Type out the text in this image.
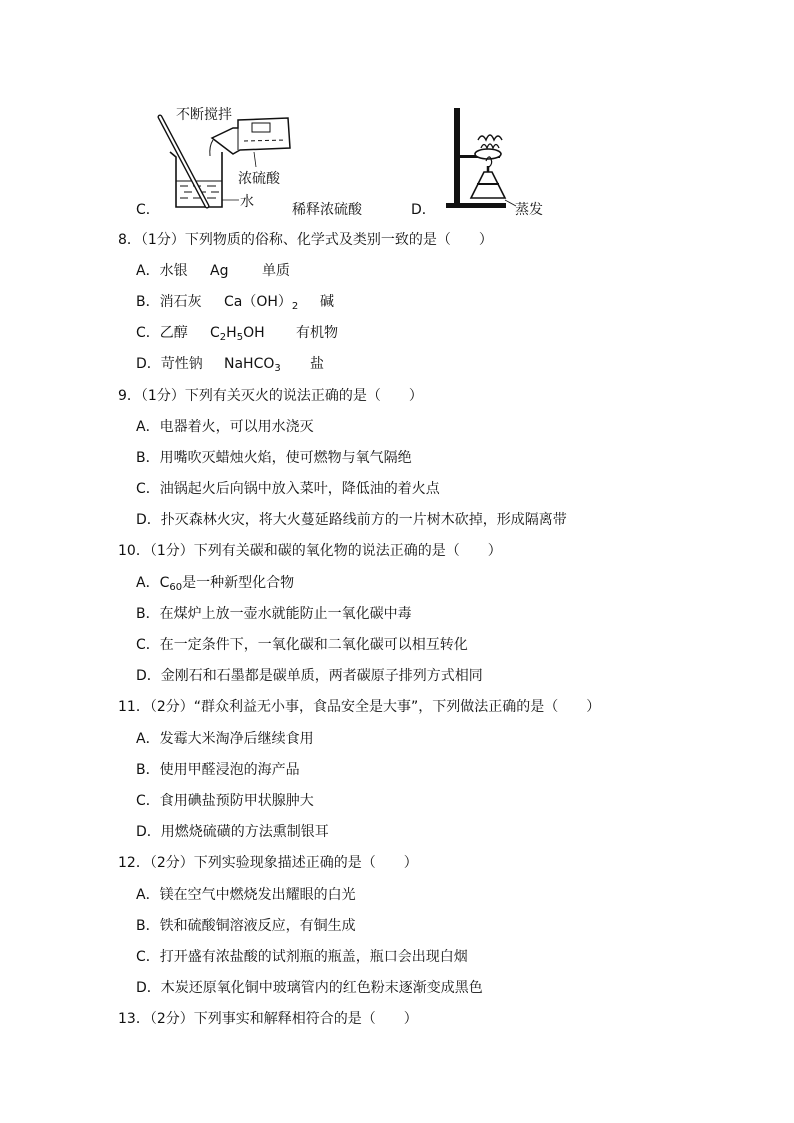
不断搅拌
浓硫酸
水
C．	稀释浓硫酸	D．	蒸发
8．（1分）下列物质的俗称、化学式及类别一致的是（　　）
A．水银 Ag 单质
B．消石灰 $Ca(OH)_2$ 碱
C．乙醇 $C_2H_5OH$ 有机物
D．苛性钠 NaHCO$_3$ 盐
9．（1分）下列有关灭火的说法正确的是（　　）
A．电器着火，可以用水浇灭
B．用嘴吹灭蜡烛火焰，使可燃物与氧气隔绝
C．油锅起火后向锅中放入菜叶，降低油的着火点
D．扑灭森林火灾，将大火蔓延路线前方的一片树木砍掉，形成隔离带
10．（1分）下列有关碳和碳的氧化物的说法正确的是（　　）
A．$C_{60}$是一种新型化合物
B．在煤炉上放一壶水就能防止一氧化碳中毒
C．在一定条件下，一氧化碳和二氧化碳可以相互转化
D．金刚石和石墨都是碳单质，两者碳原子排列方式相同
11．（2分）“群众利益无小事，食品安全是大事”，下列做法正确的是（　　）
A．发霉大米淘净后继续食用
B．使用甲醛浸泡的海产品
C．食用碘盐预防甲状腺肿大
D．用燃烧硫磺的方法熏制银耳
12．（2分）下列实验现象描述正确的是（　　）
A．镁在空气中燃烧发出耀眼的白光
B．铁和硫酸铜溶液反应，有铜生成
C．打开盛有浓盐酸的试剂瓶的瓶盖，瓶口会出现白烟
D．木炭还原氧化铜中玻璃管内的红色粉末逐渐变成黑色
13．（2分）下列事实和解释相符合的是（　　）
